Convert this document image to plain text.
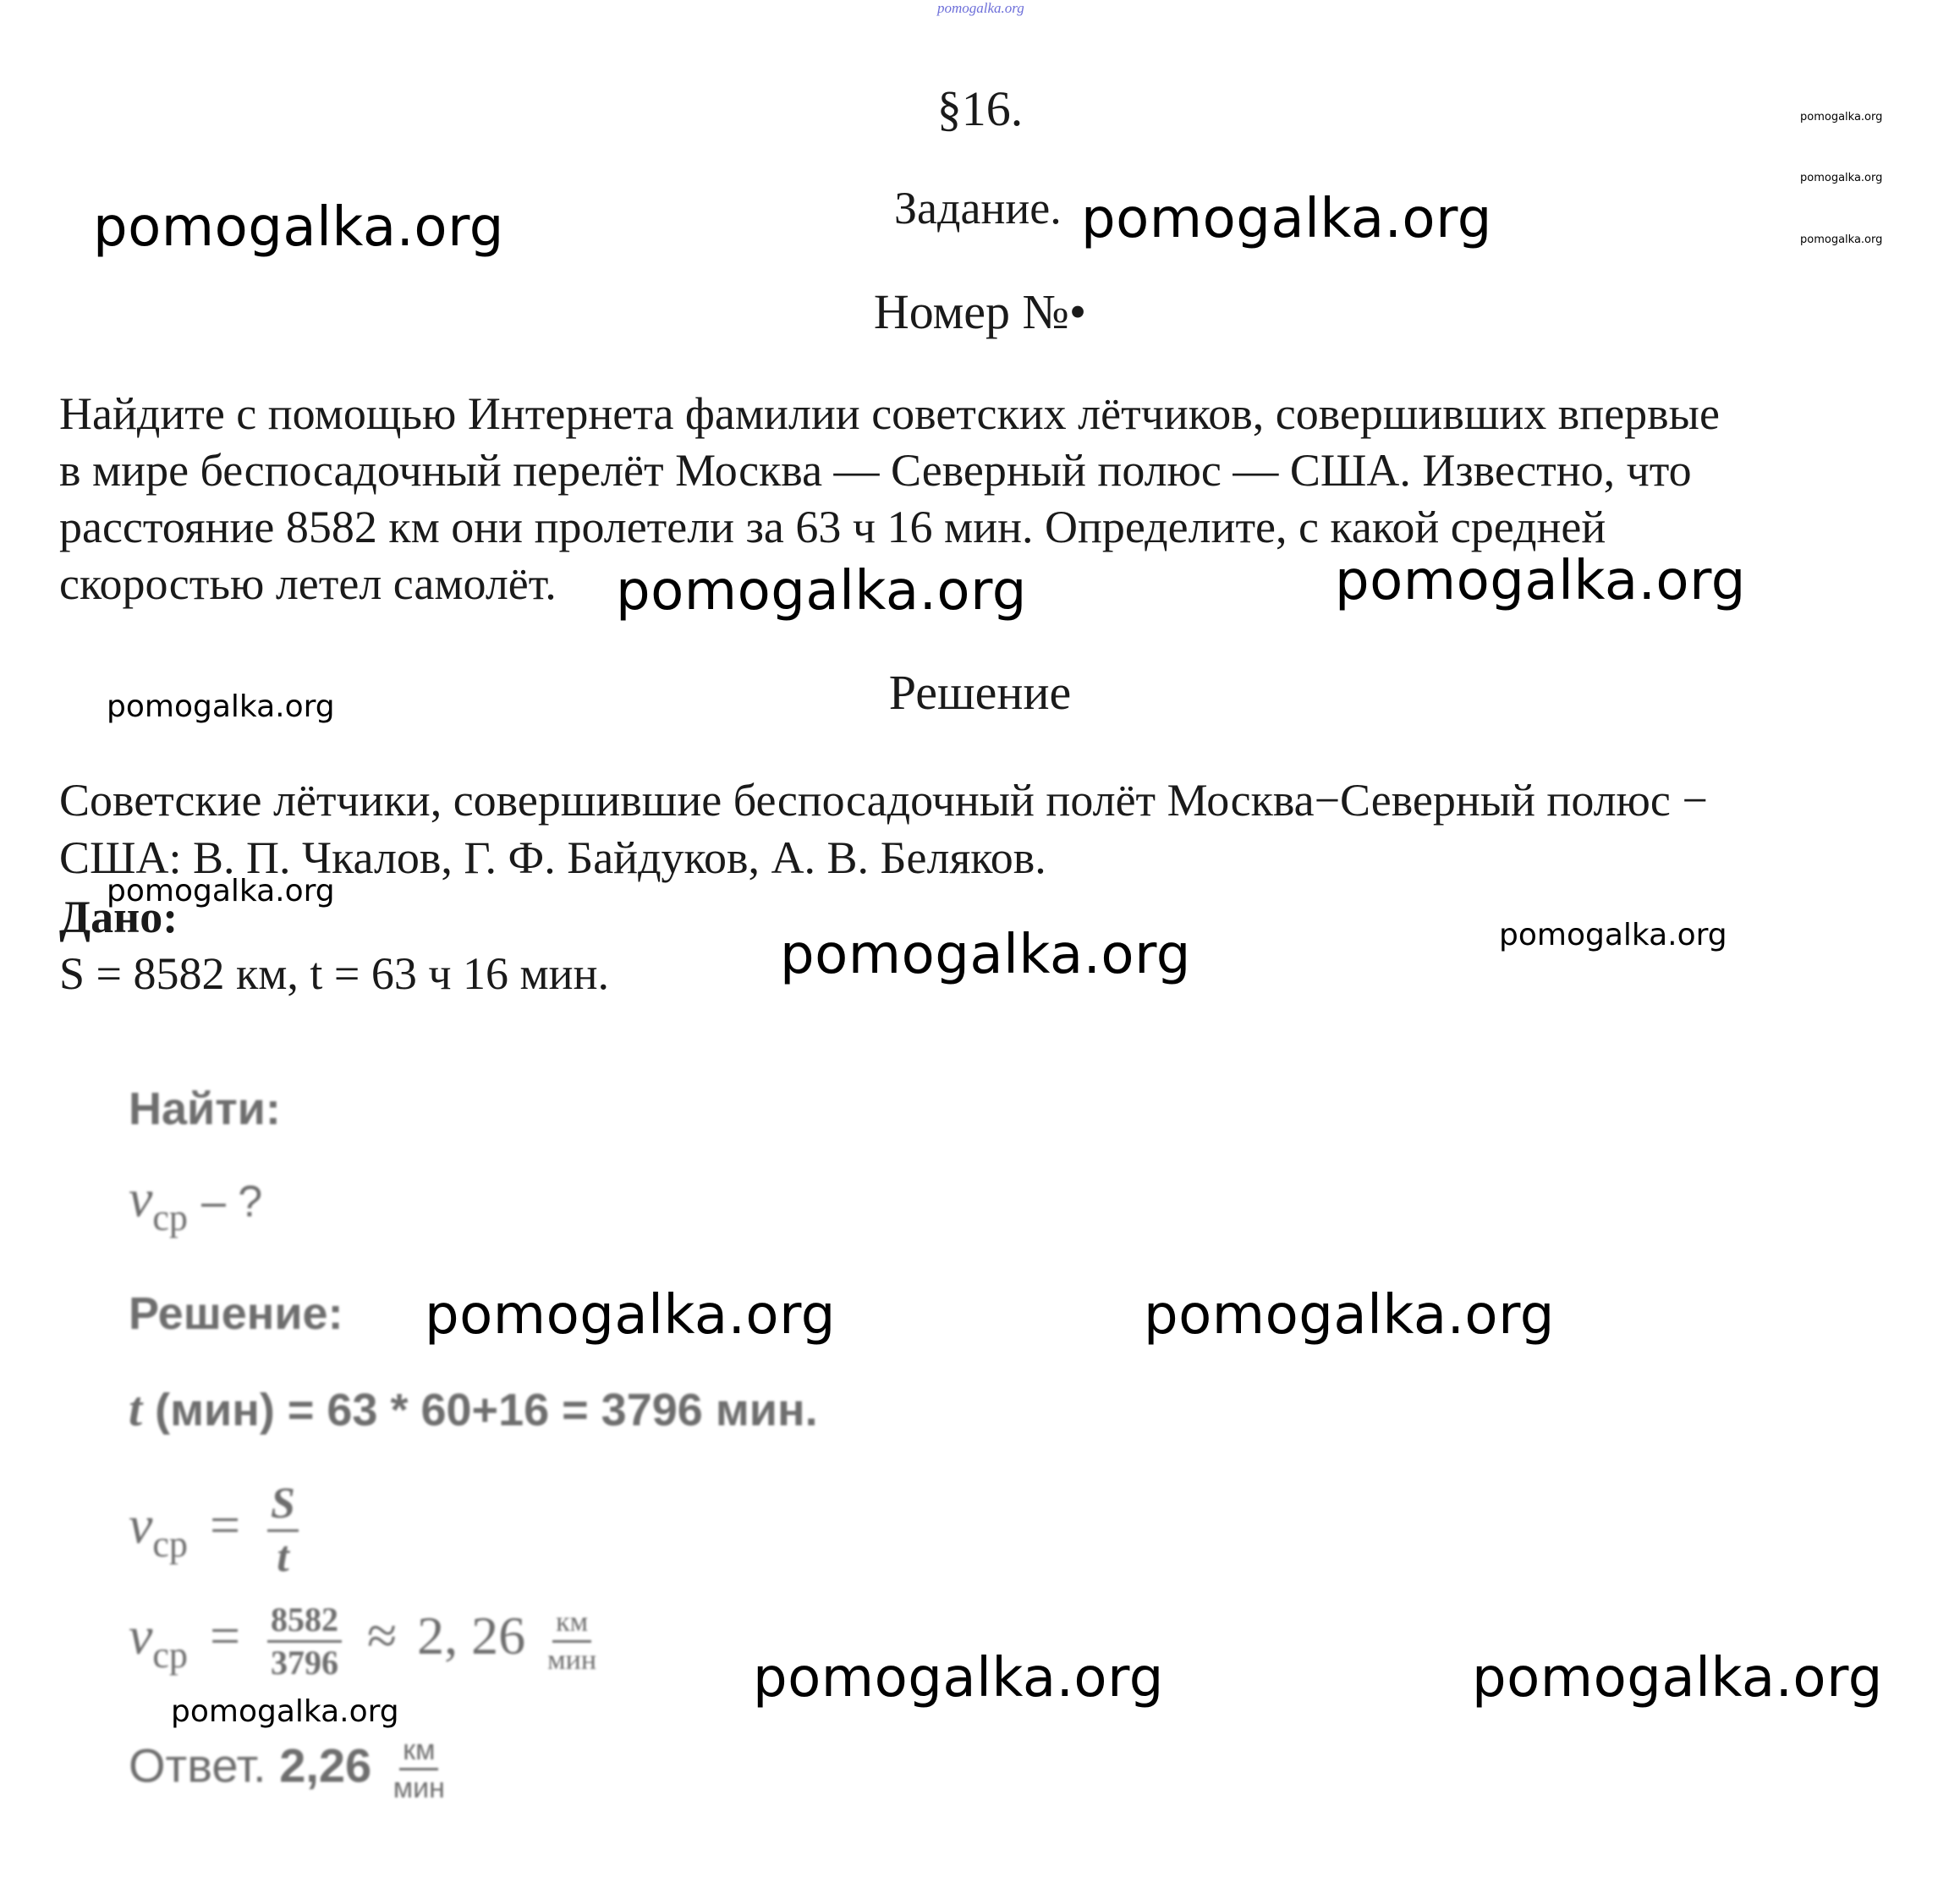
pomogalka.org
§16.
Задание.
Номер №•
Найдите с помощью Интернета фамилии советских лётчиков, совершивших впервые
в мире беспосадочный перелёт Москва — Северный полюс — США. Известно, что
расстояние 8582 км они пролетели за 63 ч 16 мин. Определите, с какой средней
скоростью летел самолёт.
Решение
Советские лётчики, совершившие беспосадочный полёт Москва−Северный полюс −
США: В. П. Чкалов, Г. Ф. Байдуков, А. В. Беляков.
Дано:
S = 8582 км, t = 63 ч 16 мин.
Найти:
$v_{ср}$ – ?
Решение:
t (мин) = 63 * 60+16 = 3796 мин.
$v_{ср} = \frac{S}{t}$
$v_{ср} = \frac{8582}{3796} \approx 2$, $26 \frac{км}{\text{мин}}$
Ответ. $2,26 \frac{км}{\text{мин}}$
pomogalka.org	pomogalka.org
pomogalka.org
pomogalka.org
pomogalka.org
pomogalka.org	pomogalka.org
pomogalka.org
pomogalka.org
pomogalka.org	pomogalka.org
pomogalka.org	pomogalka.org
pomogalka.org	pomogalka.org
pomogalka.org
